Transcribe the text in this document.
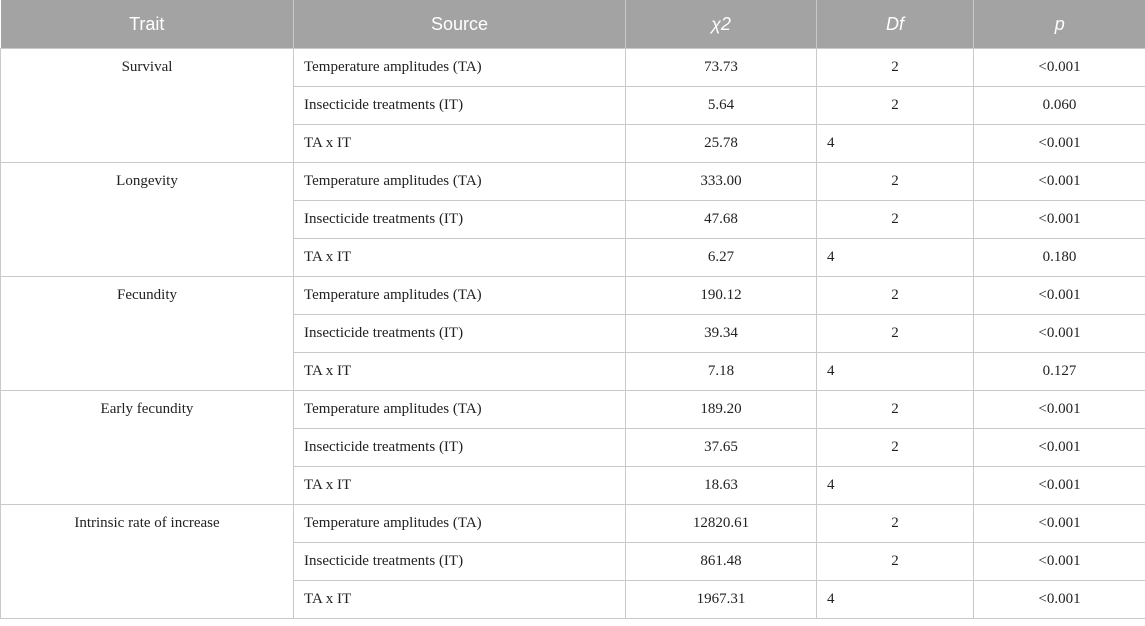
Trait	Source	χ2	Df	p
Survival	Temperature amplitudes (TA)	73.73	2	<0.001
	Insecticide treatments (IT)	5.64	2	0.060
	TA x IT	25.78	4	<0.001
Longevity	Temperature amplitudes (TA)	333.00	2	<0.001
	Insecticide treatments (IT)	47.68	2	<0.001
	TA x IT	6.27	4	0.180
Fecundity	Temperature amplitudes (TA)	190.12	2	<0.001
	Insecticide treatments (IT)	39.34	2	<0.001
	TA x IT	7.18	4	0.127
Early fecundity	Temperature amplitudes (TA)	189.20	2	<0.001
	Insecticide treatments (IT)	37.65	2	<0.001
	TA x IT	18.63	4	<0.001
Intrinsic rate of increase	Temperature amplitudes (TA)	12820.61	2	<0.001
	Insecticide treatments (IT)	861.48	2	<0.001
	TA x IT	1967.31	4	<0.001
